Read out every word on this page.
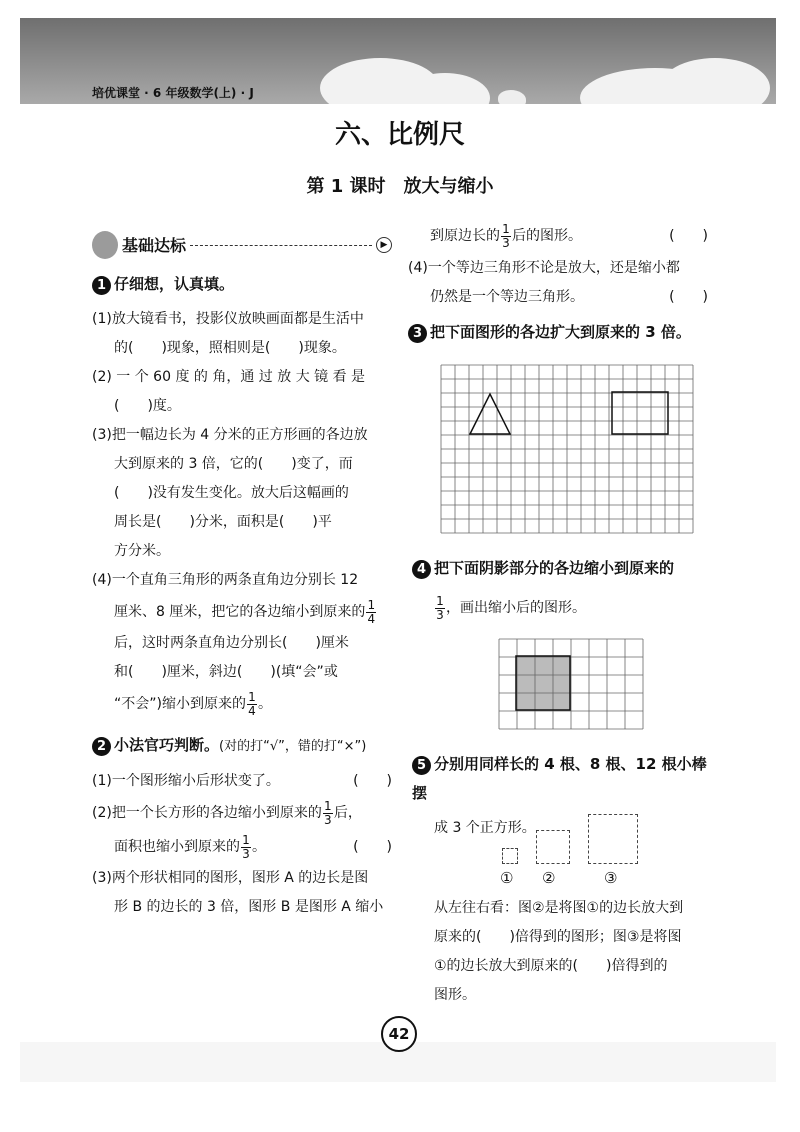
培优课堂 · 6 年级数学(上) · J
六、比例尺
第 1 课时　放大与缩小
基础达标	▶
1 仔细想，认真填。
(1)放大镜看书，投影仪放映画面都是生活中
的(　　)现象，照相则是(　　)现象。
(2) 一 个 60 度 的 角，通 过 放 大 镜 看 是
(　　)度。
(3)把一幅边长为 4 分米的正方形画的各边放
大到原来的 3 倍，它的(　　)变了，而
(　　)没有发生变化。放大后这幅画的
周长是(　　)分米，面积是(　　)平
方分米。
(4)一个直角三角形的两条直角边分别长 12
厘米、8 厘米，把它的各边缩小到原来的 $\frac{1}{4}$
后，这时两条直角边分别长(　　)厘米
和(　　)厘米，斜边(　　)(填“会”或
“不会”)缩小到原来的 $\frac{1}{4}$ 。
2 小法官巧判断。(对的打“√”，错的打“×”)
(1)一个图形缩小后形状变了。	(　　)
(2)把一个长方形的各边缩小到原来的 $\frac{1}{3}$ 后，
面积也缩小到原来的 $\frac{1}{3}$ 。	(　　)
(3)两个形状相同的图形，图形 A 的边长是图
形 B 的边长的 3 倍，图形 B 是图形 A 缩小
到原边长的 $\frac{1}{3}$ 后的图形。	(　　)
(4)一个等边三角形不论是放大，还是缩小都
仍然是一个等边三角形。	(　　)
3 把下面图形的各边扩大到原来的 3 倍。
4 把下面阴影部分的各边缩小到原来的
$\frac{1}{3}$ ，画出缩小后的图形。
5 分别用同样长的 4 根、8 根、12 根小棒摆
成 3 个正方形。
① ②	③
从左往右看：图②是将图①的边长放大到
原来的(　　)倍得到的图形；图③是将图
①的边长放大到原来的(　　)倍得到的
图形。
42
